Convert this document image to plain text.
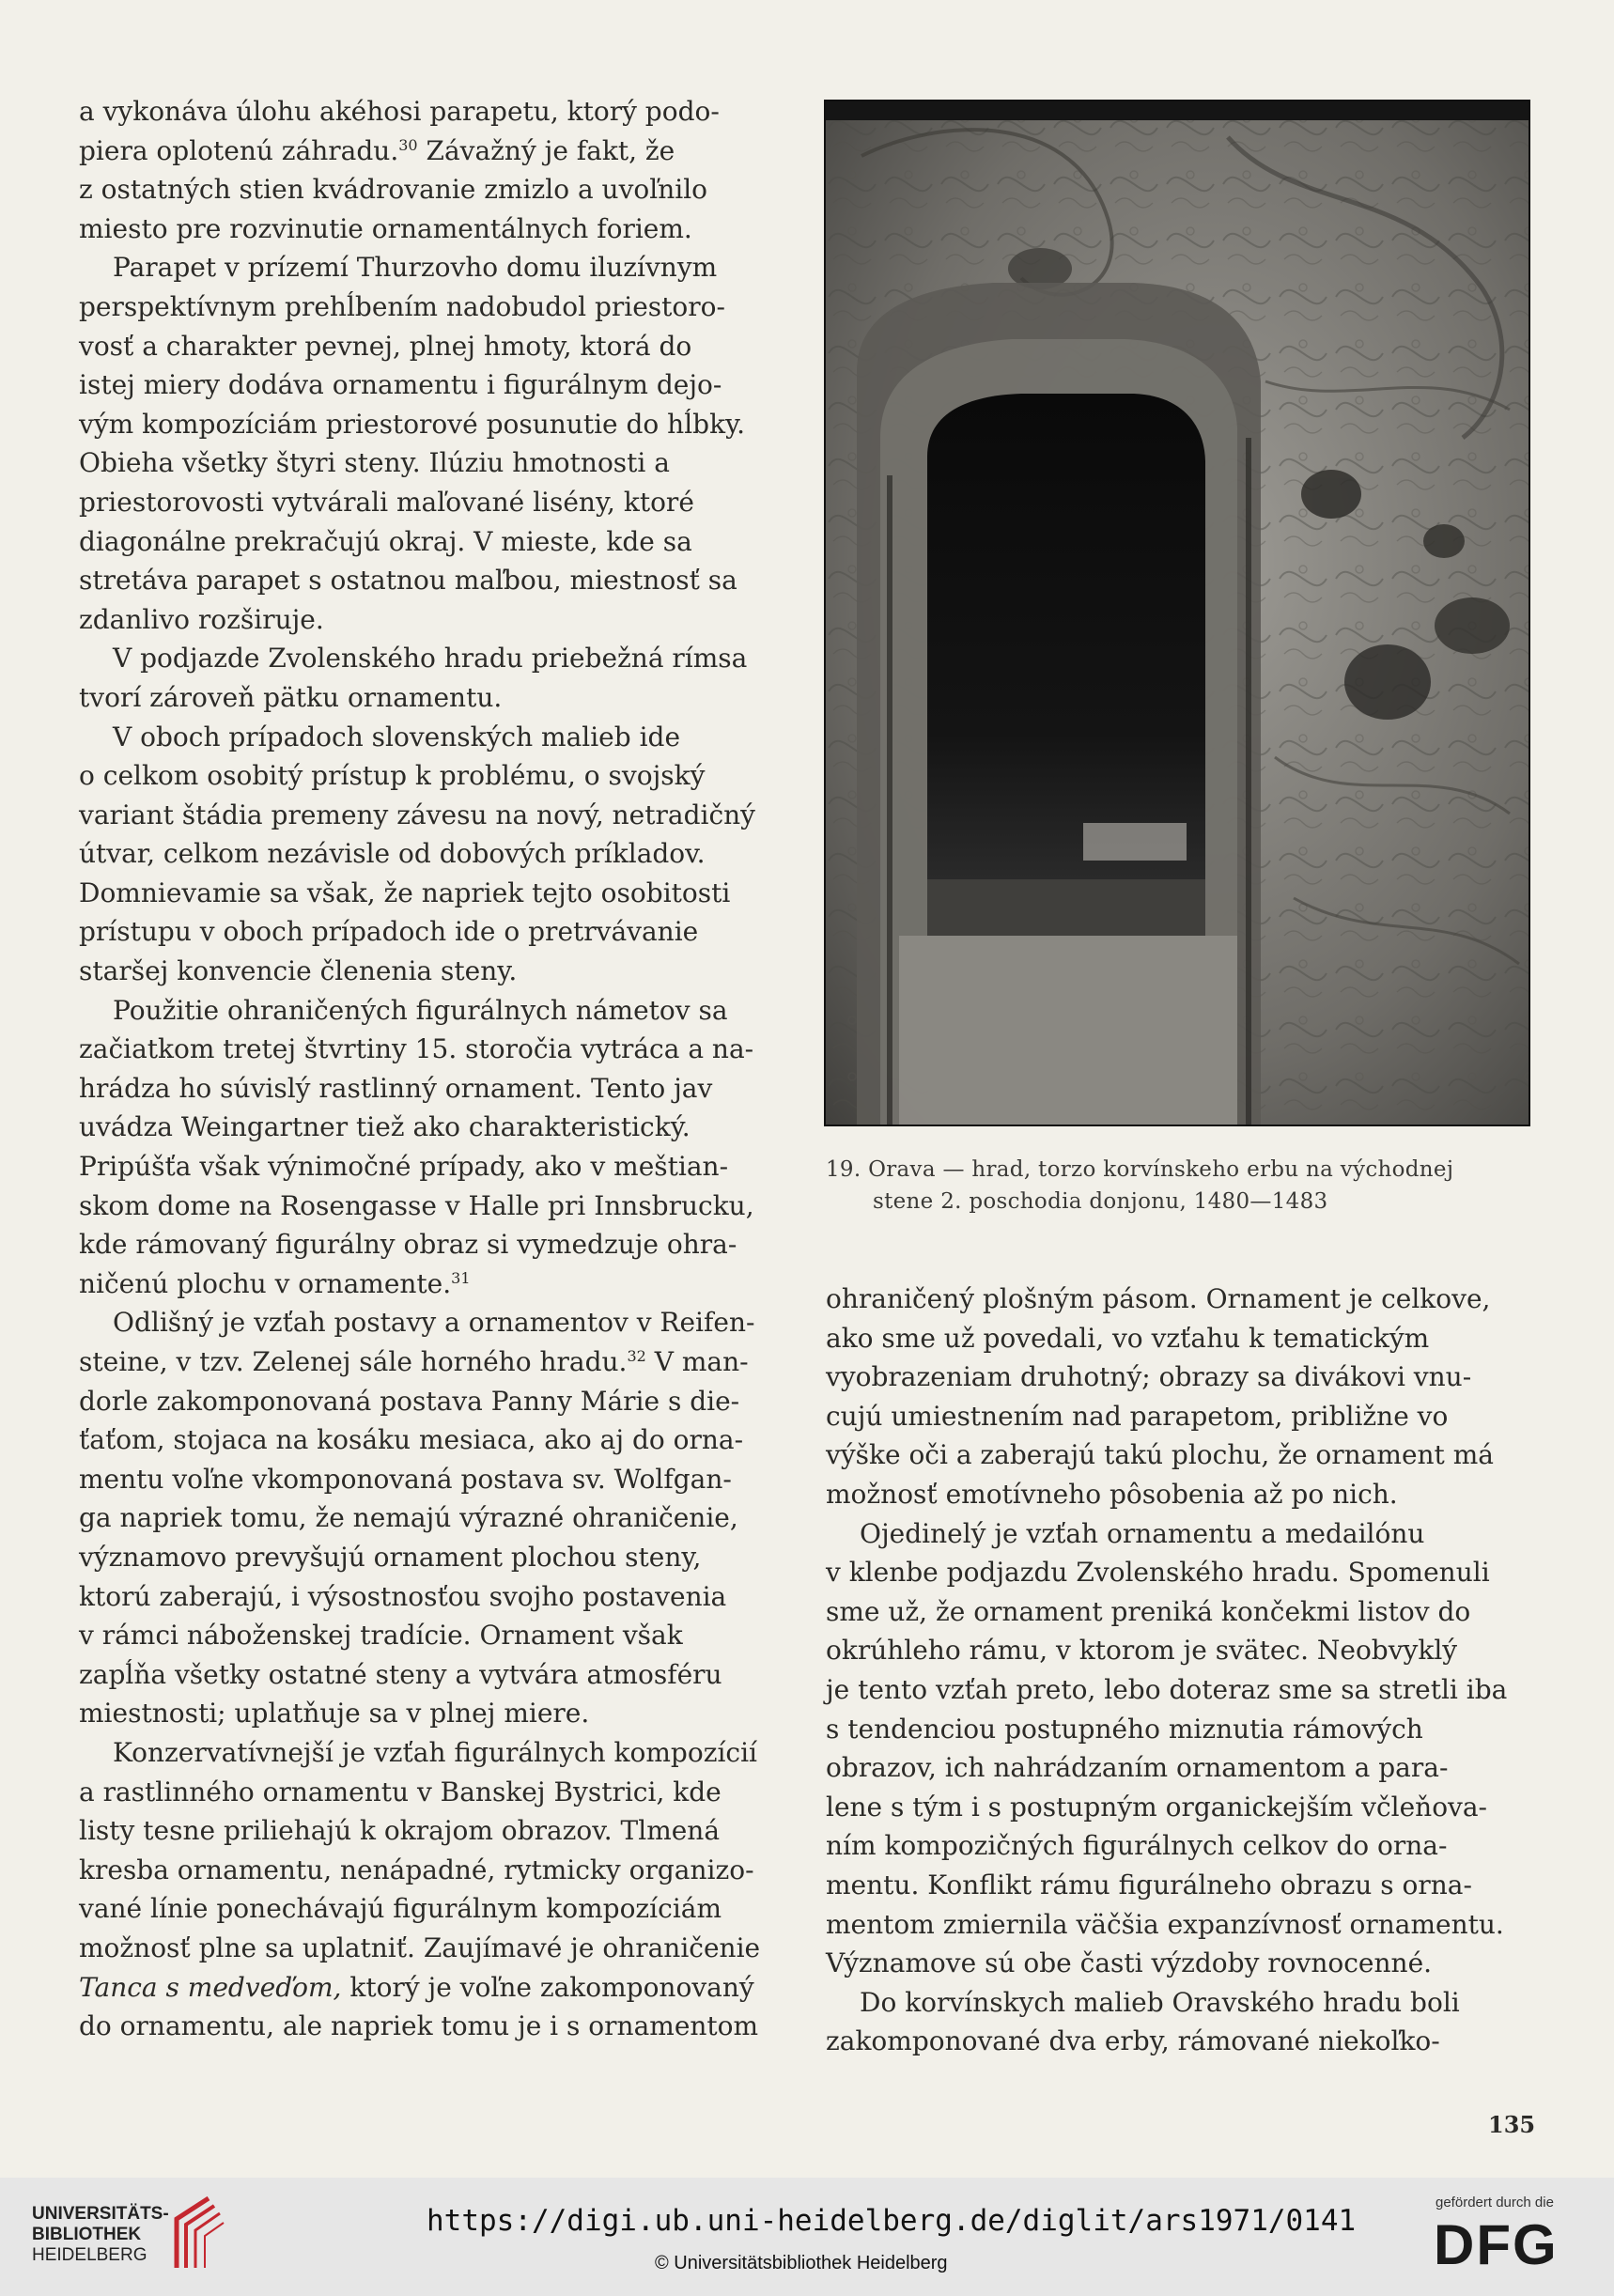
a vykonáva úlohu akéhosi parapetu, ktorý podo-
piera oplotenú záhradu.$^{30}$ Závažný je fakt, že
z ostatných stien kvádrovanie zmizlo a uvoľnilo
miesto pre rozvinutie ornamentálnych foriem.

Parapet v prízemí Thurzovho domu iluzívnym
perspektívnym prehĺbením nadobudol priestoro-
vosť a charakter pevnej, plnej hmoty, ktorá do
istej miery dodáva ornamentu i figurálnym dejo-
vým kompozíciám priestorové posunutie do hĺbky.
Obieha všetky štyri steny. Ilúziu hmotnosti a
priestorovosti vytvárali maľované lisény, ktoré
diagonálne prekračujú okraj. V mieste, kde sa
stretáva parapet s ostatnou maľbou, miestnosť sa
zdanlivo rozširuje.

V podjazde Zvolenského hradu priebežná rímsa
tvorí zároveň pätku ornamentu.

V oboch prípadoch slovenských malieb ide
o celkom osobitý prístup k problému, o svojský
variant štádia premeny závesu na nový, netradičný
útvar, celkom nezávisle od dobových príkladov.
Domnievamie sa však, že napriek tejto osobitosti
prístupu v oboch prípadoch ide o pretrvávanie
staršej konvencie členenia steny.

Použitie ohraničených figurálnych námetov sa
začiatkom tretej štvrtiny 15. storočia vytráca a na-
hrádza ho súvislý rastlinný ornament. Tento jav
uvádza Weingartner tiež ako charakteristický.
Pripúšťa však výnimočné prípady, ako v meštian-
skom dome na Rosengasse v Halle pri Innsbrucku,
kde rámovaný figurálny obraz si vymedzuje ohra-
ničenú plochu v ornamente.$^{31}$

Odlišný je vzťah postavy a ornamentov v Reifen-
steine, v tzv. Zelenej sále horného hradu.$^{32}$ V man-
dorle zakomponovaná postava Panny Márie s die-
ťaťom, stojaca na kosáku mesiaca, ako aj do orna-
mentu voľne vkomponovaná postava sv. Wolfgan-
ga napriek tomu, že nemajú výrazné ohraničenie,
významovo prevyšujú ornament plochou steny,
ktorú zaberajú, i výsostnosťou svojho postavenia
v rámci náboženskej tradície. Ornament však
zapĺňa všetky ostatné steny a vytvára atmosféru
miestnosti; uplatňuje sa v plnej miere.

Konzervatívnejší je vzťah figurálnych kompozícií
a rastlinného ornamentu v Banskej Bystrici, kde
listy tesne priliehajú k okrajom obrazov. Tlmená
kresba ornamentu, nenápadné, rytmicky organizo-
vané línie ponechávajú figurálnym kompozíciám
možnosť plne sa uplatniť. Zaujímavé je ohraničenie
Tanca s medveďom, ktorý je voľne zakomponovaný
do ornamentu, ale napriek tomu je i s ornamentom

19. Orava — hrad, torzo korvínskeho erbu na východnej
stene 2. poschodia donjonu, 1480—1483

ohraničený plošným pásom. Ornament je celkove,
ako sme už povedali, vo vzťahu k tematickým
vyobrazeniam druhotný; obrazy sa divákovi vnu-
cujú umiestnením nad parapetom, približne vo
výške oči a zaberajú takú plochu, že ornament má
možnosť emotívneho pôsobenia až po nich.

Ojedinelý je vzťah ornamentu a medailónu
v klenbe podjazdu Zvolenského hradu. Spomenuli
sme už, že ornament preniká končekmi listov do
okrúhleho rámu, v ktorom je svätec. Neobvyklý
je tento vzťah preto, lebo doteraz sme sa stretli iba
s tendenciou postupného miznutia rámových
obrazov, ich nahrádzaním ornamentom a para-
lene s tým i s postupným organickejším včleňova-
ním kompozičných figurálnych celkov do orna-
mentu. Konflikt rámu figurálneho obrazu s orna-
mentom zmiernila väčšia expanzívnosť ornamentu.
Významove sú obe časti výzdoby rovnocenné.

Do korvínskych malieb Oravského hradu boli
zakomponované dva erby, rámované niekoľko-

135
UNIVERSITÄTS-
BIBLIOTHEK
HEIDELBERG
https://digi.ub.uni-heidelberg.de/diglit/ars1971/0141
© Universitätsbibliothek Heidelberg
gefördert durch die
DFG
